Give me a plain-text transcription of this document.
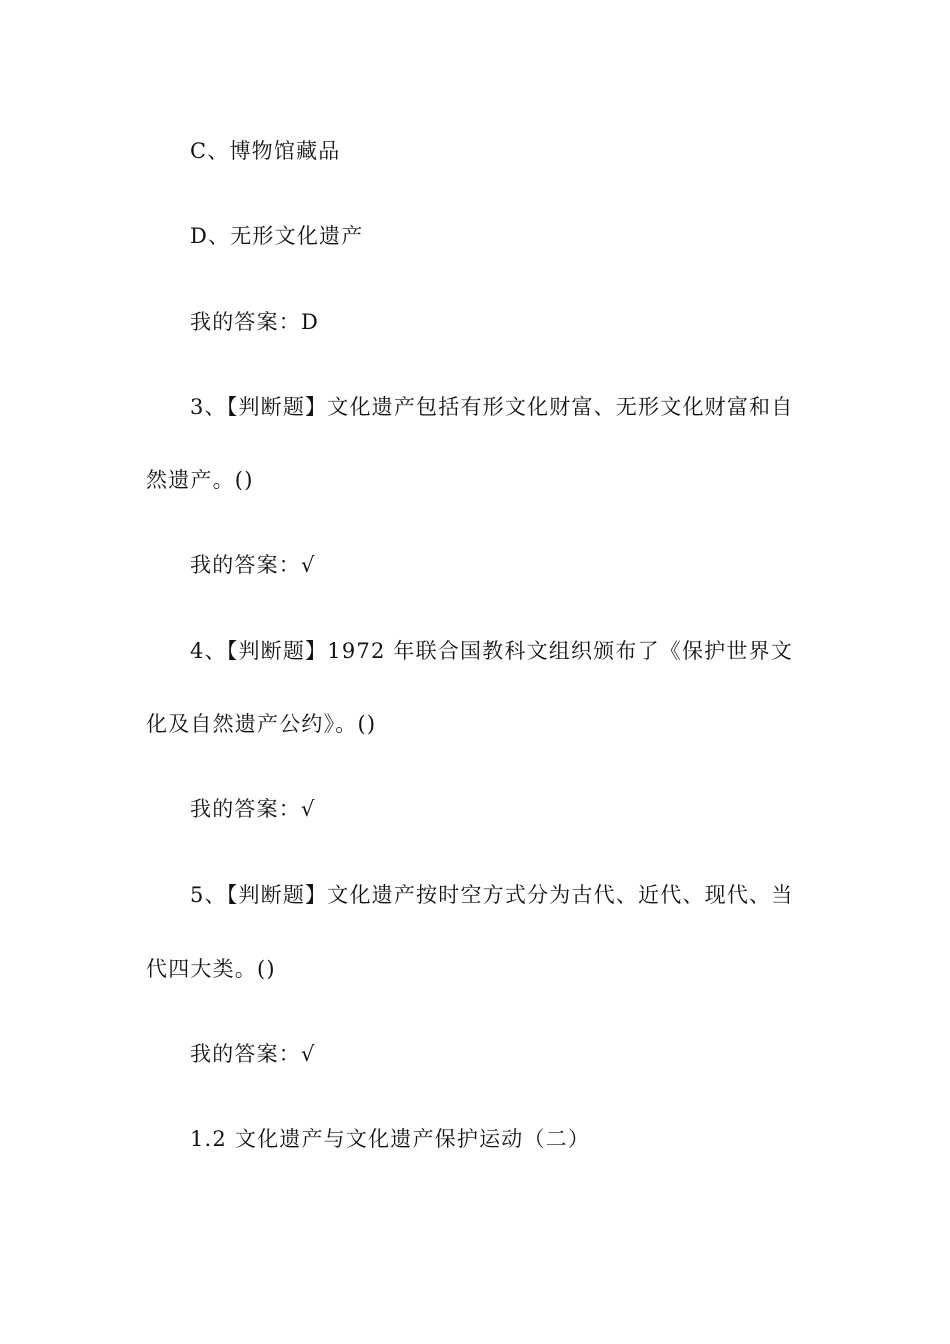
C、博物馆藏品
D、无形文化遗产
我的答案：D
3、【判断题】文化遗产包括有形文化财富、无形文化财富和自
然遗产。()
我的答案：√
4、【判断题】1972 年联合国教科文组织颁布了《保护世界文
化及自然遗产公约》。()
我的答案：√
5、【判断题】文化遗产按时空方式分为古代、近代、现代、当
代四大类。()
我的答案：√
1.2 文化遗产与文化遗产保护运动（二）
